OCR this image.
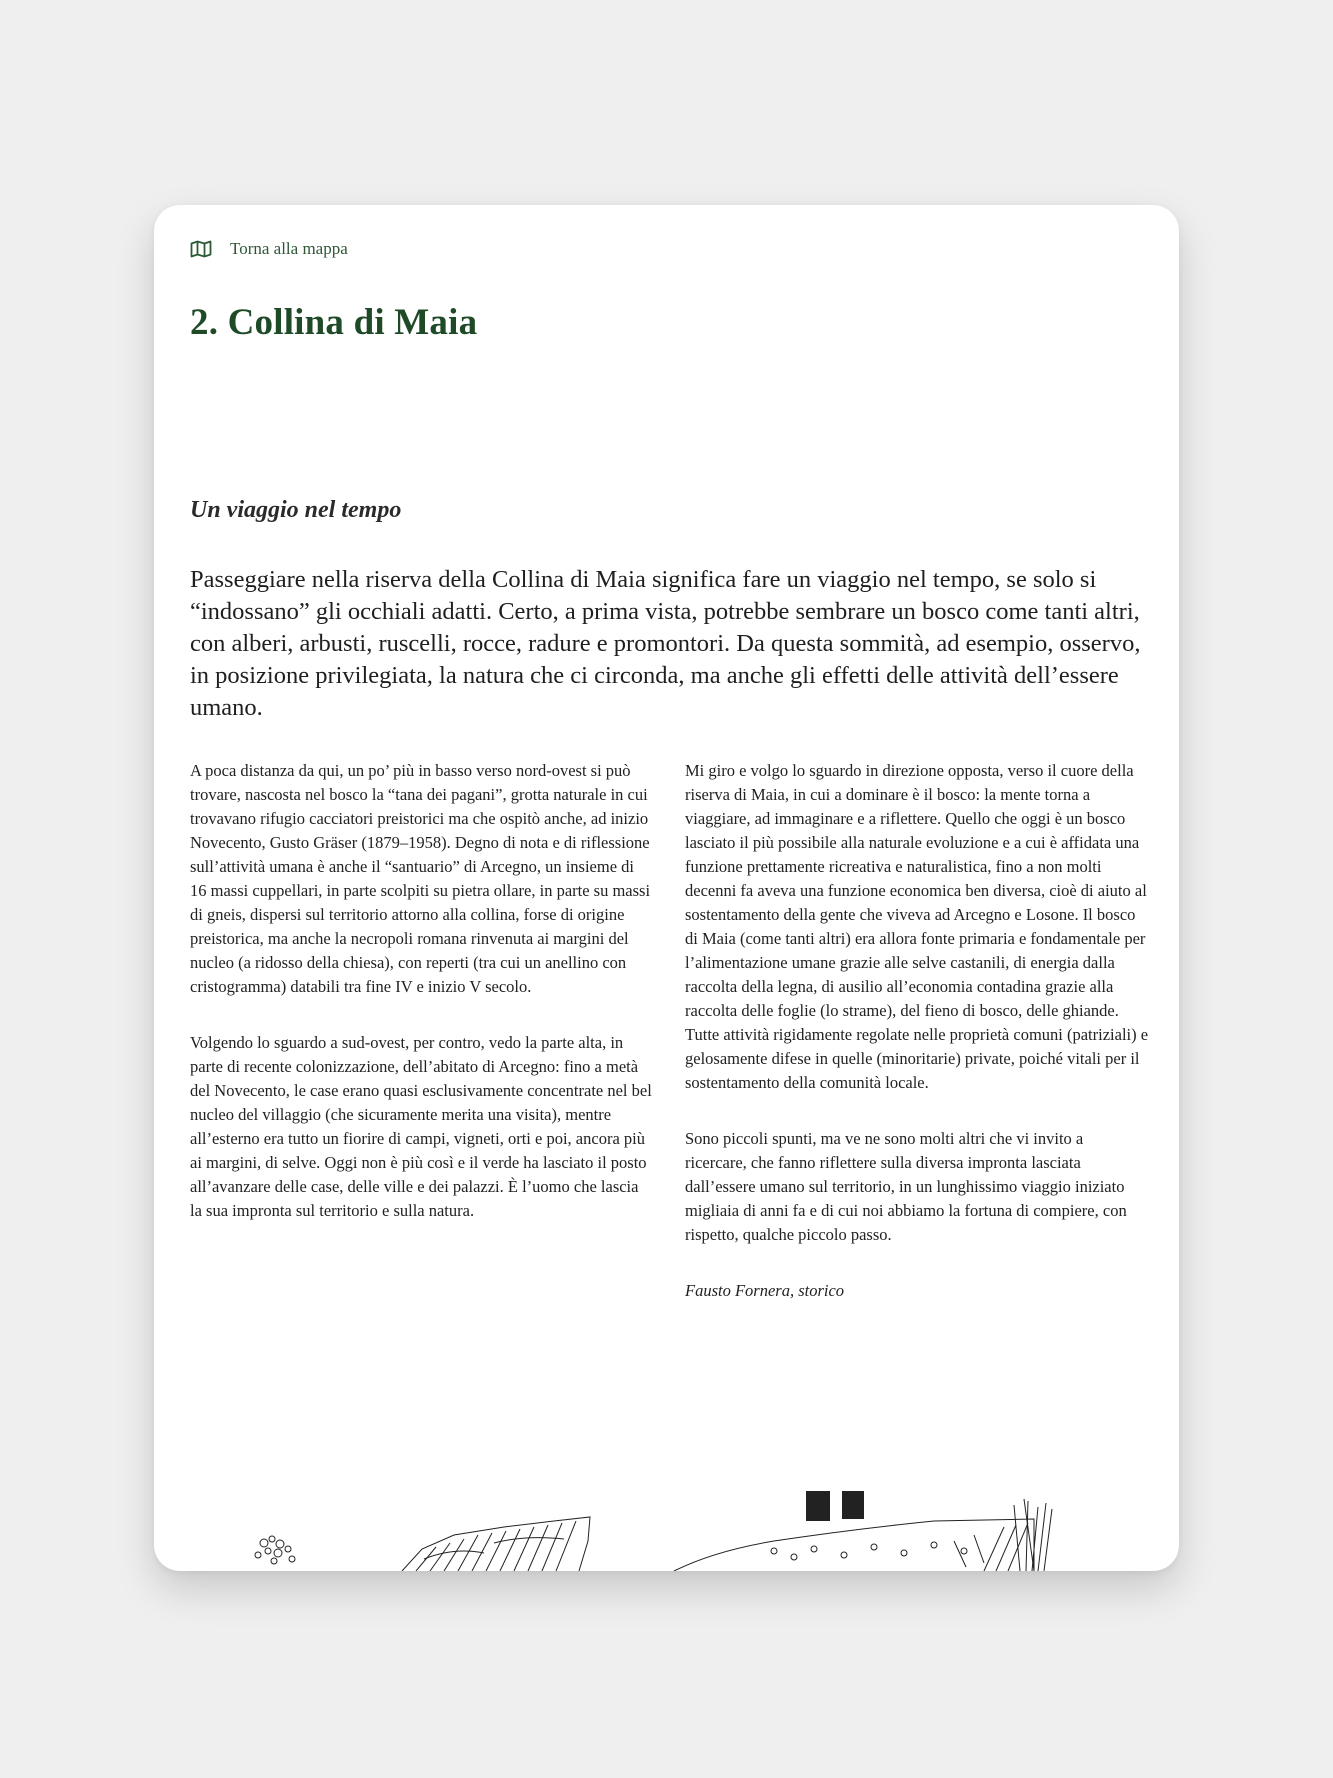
Torna alla mappa
2. Collina di Maia
Un viaggio nel tempo

Passeggiare nella riserva della Collina di Maia significa fare un viaggio nel tempo, se solo si “indossano” gli occhiali adatti. Certo, a prima vista, potrebbe sembrare un bosco come tanti altri, con alberi, arbusti, ruscelli, rocce, radure e promontori. Da questa sommità, ad esempio, osservo, in posizione privilegiata, la natura che ci circonda, ma anche gli effetti delle attività dell’essere umano.

A poca distanza da qui, un po’ più in basso verso nord-ovest si può trovare, nascosta nel bosco la “tana dei pagani”, grotta naturale in cui trovavano rifugio cacciatori preistorici ma che ospitò anche, ad inizio Novecento, Gusto Gräser (1879–1958). Degno di nota e di riflessione sull’attività umana è anche il “santuario” di Arcegno, un insieme di 16 massi cuppellari, in parte scolpiti su pietra ollare, in parte su massi di gneis, dispersi sul territorio attorno alla collina, forse di origine preistorica, ma anche la necropoli romana rinvenuta ai margini del nucleo (a ridosso della chiesa), con reperti (tra cui un anellino con cristogramma) databili tra fine IV e inizio V secolo.

Volgendo lo sguardo a sud-ovest, per contro, vedo la parte alta, in parte di recente colonizzazione, dell’abitato di Arcegno: fino a metà del Novecento, le case erano quasi esclusivamente concentrate nel bel nucleo del villaggio (che sicuramente merita una visita), mentre all’esterno era tutto un fiorire di campi, vigneti, orti e poi, ancora più ai margini, di selve. Oggi non è più così e il verde ha lasciato il posto all’avanzare delle case, delle ville e dei palazzi. È l’uomo che lascia la sua impronta sul territorio e sulla natura.

Mi giro e volgo lo sguardo in direzione opposta, verso il cuore della riserva di Maia, in cui a dominare è il bosco: la mente torna a viaggiare, ad immaginare e a riflettere. Quello che oggi è un bosco lasciato il più possibile alla naturale evoluzione e a cui è affidata una funzione prettamente ricreativa e naturalistica, fino a non molti decenni fa aveva una funzione economica ben diversa, cioè di aiuto al sostentamento della gente che viveva ad Arcegno e Losone. Il bosco di Maia (come tanti altri) era allora fonte primaria e fondamentale per l’alimentazione umane grazie alle selve castanili, di energia dalla raccolta della legna, di ausilio all’economia contadina grazie alla raccolta delle foglie (lo strame), del fieno di bosco, delle ghiande. Tutte attività rigidamente regolate nelle proprietà comuni (patriziali) e gelosamente difese in quelle (minoritarie) private, poiché vitali per il sostentamento della comunità locale.

Sono piccoli spunti, ma ve ne sono molti altri che vi invito a ricercare, che fanno riflettere sulla diversa impronta lasciata dall’essere umano sul territorio, in un lunghissimo viaggio iniziato migliaia di anni fa e di cui noi abbiamo la fortuna di compiere, con rispetto, qualche piccolo passo.

Fausto Fornera, storico
